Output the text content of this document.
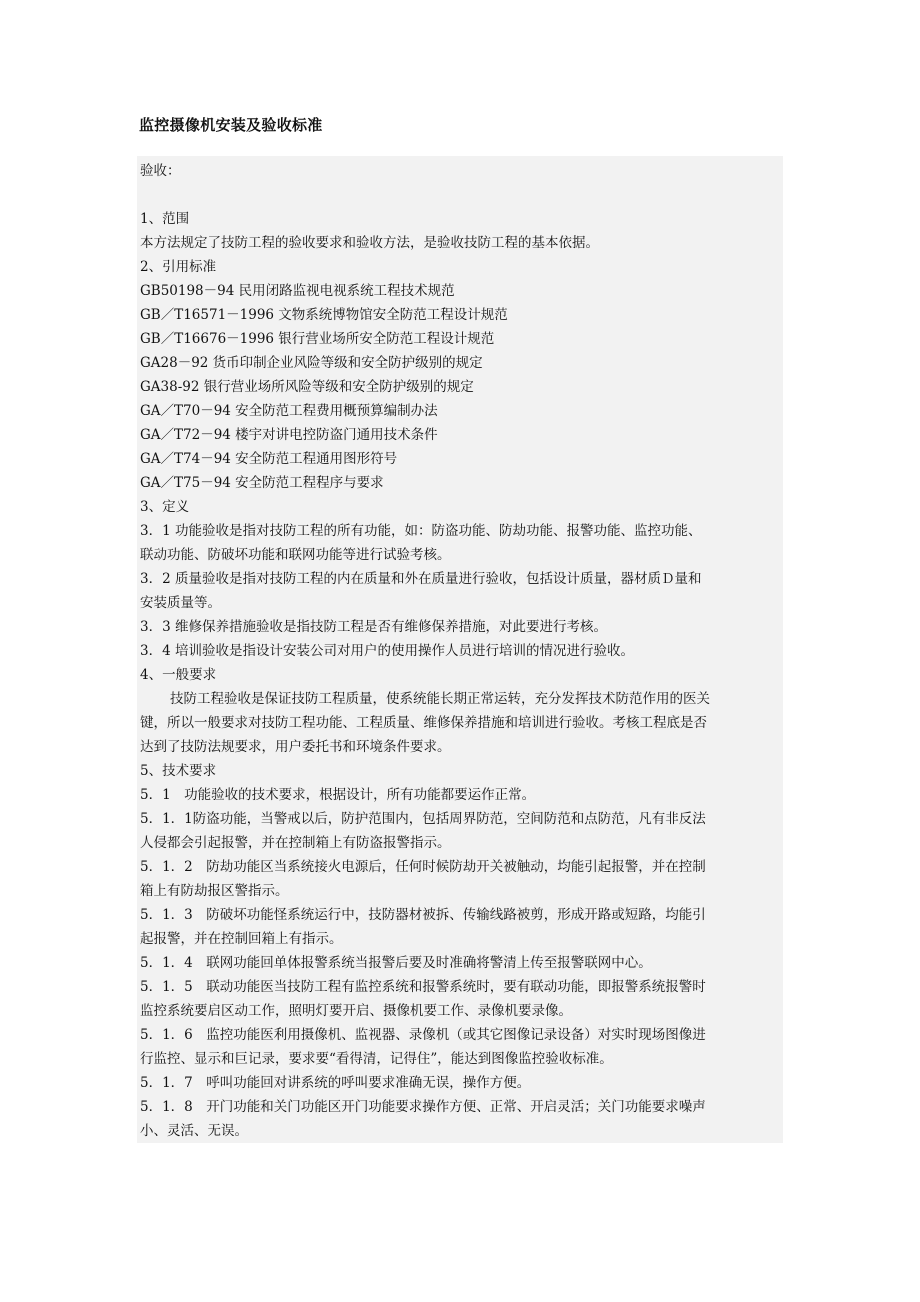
监控摄像机安装及验收标准
验收：
1、范围
本方法规定了技防工程的验收要求和验收方法，是验收技防工程的基本依据。
2、引用标准
GB50198－94 民用闭路监视电视系统工程技术规范
GB／T16571－1996 文物系统博物馆安全防范工程设计规范
GB／T16676－1996 银行营业场所安全防范工程设计规范
GA28－92 货币印制企业风险等级和安全防护级别的规定
GA38-92 银行营业场所风险等级和安全防护级别的规定
GA／T70－94 安全防范工程费用概预算编制办法
GA／T72－94 楼宇对讲电控防盗门通用技术条件
GA／T74－94 安全防范工程通用图形符号
GA／T75－94 安全防范工程程序与要求
3、定义
3．1 功能验收是指对技防工程的所有功能，如：防盗功能、防劫功能、报警功能、监控功能、
联动功能、防破坏功能和联网功能等进行试验考核。
3．2 质量验收是指对技防工程的内在质量和外在质量进行验收，包括设计质量，器材质Ｄ量和
安装质量等。
3．3 维修保养措施验收是指技防工程是否有维修保养措施，对此要进行考核。
3．4 培训验收是指设计安装公司对用户的使用操作人员进行培训的情况进行验收。
4、一般要求
技防工程验收是保证技防工程质量，使系统能长期正常运转，充分发挥技术防范作用的医关
键，所以一般要求对技防工程功能、工程质量、维修保养措施和培训进行验收。考核工程底是否
达到了技防法规要求，用户委托书和环境条件要求。
5、技术要求
5．1　功能验收的技术要求，根据设计，所有功能都要运作正常。
5．1．1防盗功能，当警戒以后，防护范围内，包括周界防范，空间防范和点防范，凡有非反法
人侵都会引起报警，并在控制箱上有防盗报警指示。
5．1．2　防劫功能区当系统接火电源后，任何时候防劫开关被触动，均能引起报警，并在控制
箱上有防劫报区警指示。
5．1．3　防破坏功能怪系统运行中，技防器材被拆、传输线路被剪，形成开路或短路，均能引
起报警，并在控制回箱上有指示。
5．1．4　联网功能回单体报警系统当报警后要及时准确将警清上传至报警联网中心。
5．1．5　联动功能医当技防工程有监控系统和报警系统时，要有联动功能，即报警系统报警时
监控系统要启区动工作，照明灯要开启、摄像机要工作、录像机要录像。
5．1．6　监控功能医利用摄像机、监视器、录像机（或其它图像记录设备）对实时现场图像进
行监控、显示和巨记录，要求要“看得清，记得住”，能达到图像监控验收标准。
5．1．7　呼叫功能回对讲系统的呼叫要求准确无误，操作方便。
5．1．8　开门功能和关门功能区开门功能要求操作方便、正常、开启灵活；关门功能要求噪声
小、灵活、无误。
